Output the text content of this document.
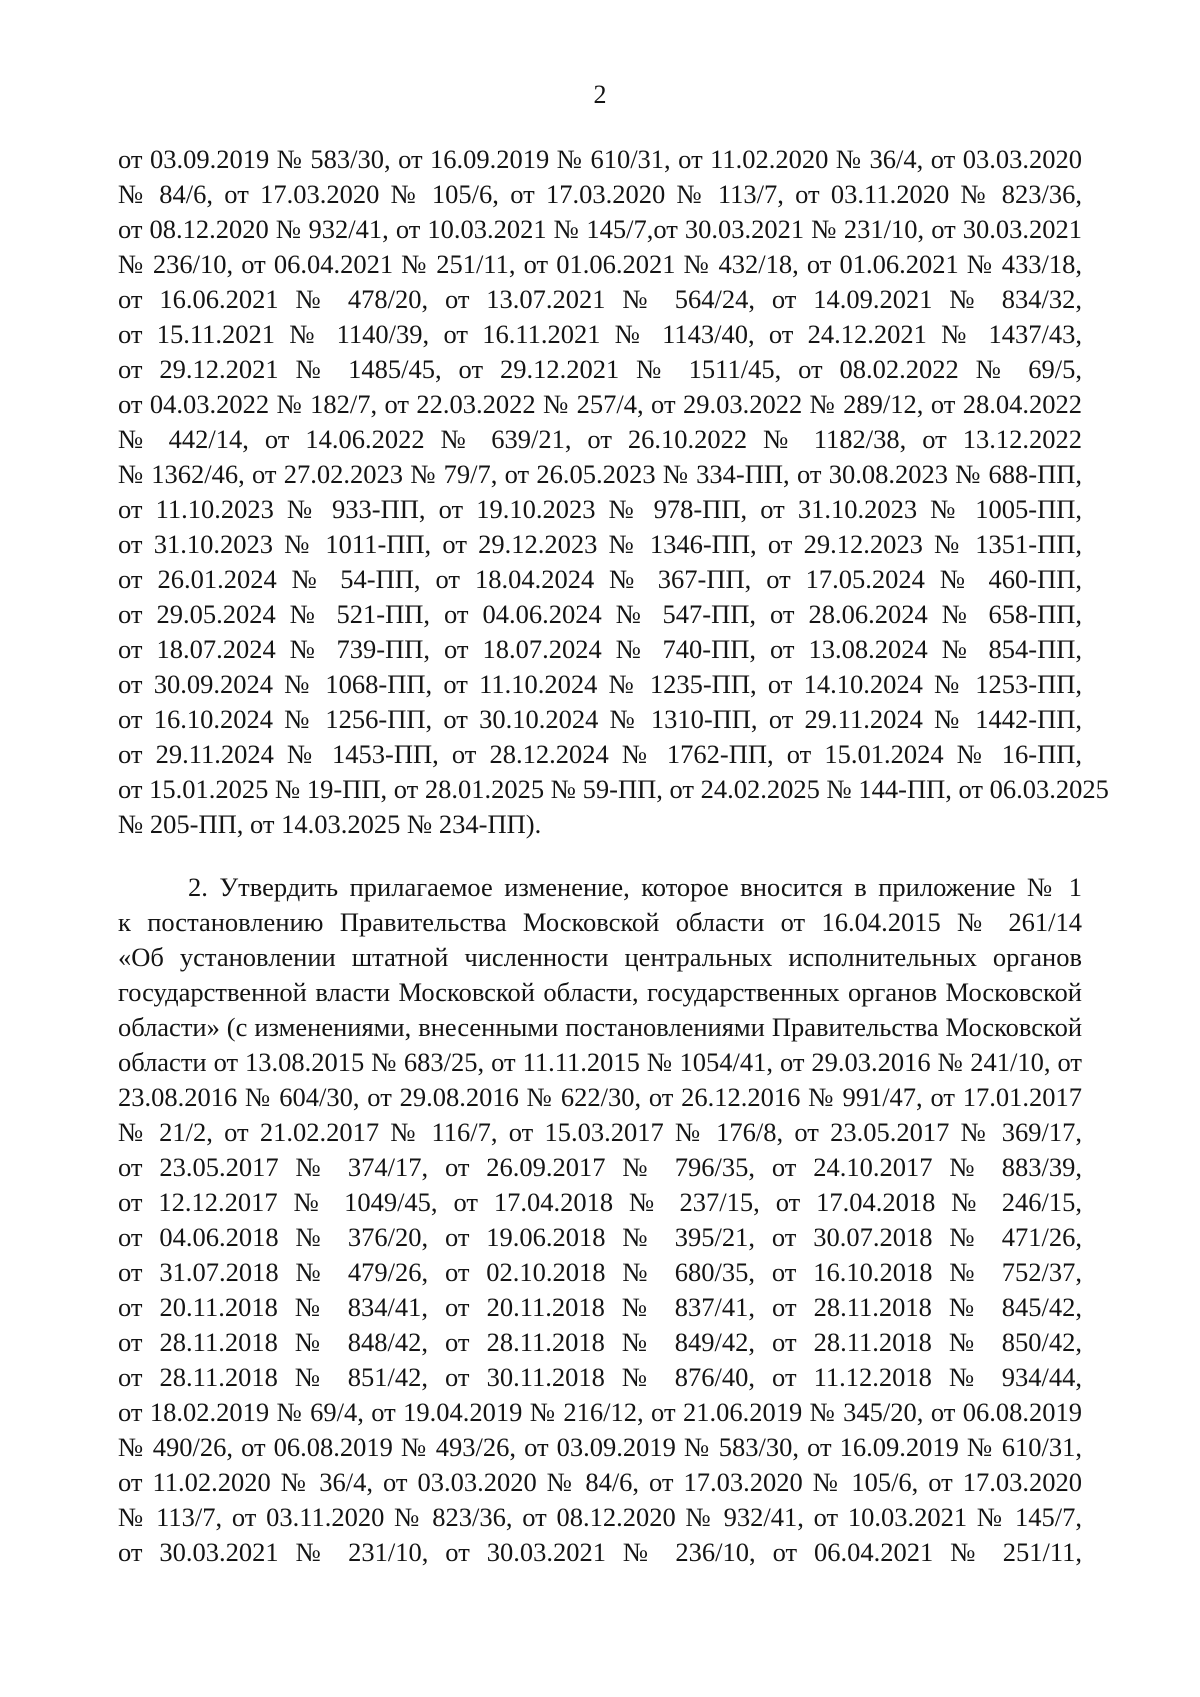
2
от 03.09.2019 № 583/30, от 16.09.2019 № 610/31, от 11.02.2020 № 36/4, от 03.03.2020
№ 84/6, от 17.03.2020 № 105/6, от 17.03.2020 № 113/7, от 03.11.2020 № 823/36,
от 08.12.2020 № 932/41, от 10.03.2021 № 145/7,от 30.03.2021 № 231/10, от 30.03.2021
№ 236/10, от 06.04.2021 № 251/11, от 01.06.2021 № 432/18, от 01.06.2021 № 433/18,
от 16.06.2021 № 478/20, от 13.07.2021 № 564/24, от 14.09.2021 № 834/32,
от 15.11.2021 № 1140/39, от 16.11.2021 № 1143/40, от 24.12.2021 № 1437/43,
от 29.12.2021 № 1485/45, от 29.12.2021 № 1511/45, от 08.02.2022 № 69/5,
от 04.03.2022 № 182/7, от 22.03.2022 № 257/4, от 29.03.2022 № 289/12, от 28.04.2022
№ 442/14, от 14.06.2022 № 639/21, от 26.10.2022 № 1182/38, от 13.12.2022
№ 1362/46, от 27.02.2023 № 79/7, от 26.05.2023 № 334-ПП, от 30.08.2023 № 688-ПП,
от 11.10.2023 № 933-ПП, от 19.10.2023 № 978-ПП, от 31.10.2023 № 1005-ПП,
от 31.10.2023 № 1011-ПП, от 29.12.2023 № 1346-ПП, от 29.12.2023 № 1351-ПП,
от 26.01.2024 № 54-ПП, от 18.04.2024 № 367-ПП, от 17.05.2024 № 460-ПП,
от 29.05.2024 № 521-ПП, от 04.06.2024 № 547-ПП, от 28.06.2024 № 658-ПП,
от 18.07.2024 № 739-ПП, от 18.07.2024 № 740-ПП, от 13.08.2024 № 854-ПП,
от 30.09.2024 № 1068-ПП, от 11.10.2024 № 1235-ПП, от 14.10.2024 № 1253-ПП,
от 16.10.2024 № 1256-ПП, от 30.10.2024 № 1310-ПП, от 29.11.2024 № 1442-ПП,
от 29.11.2024 № 1453-ПП, от 28.12.2024 № 1762-ПП, от 15.01.2024 № 16-ПП,
от 15.01.2025 № 19-ПП, от 28.01.2025 № 59-ПП, от 24.02.2025 № 144-ПП, от 06.03.2025
№ 205-ПП, от 14.03.2025 № 234-ПП).
2. Утвердить прилагаемое изменение, которое вносится в приложение № 1
к постановлению Правительства Московской области от 16.04.2015 № 261/14
«Об установлении штатной численности центральных исполнительных органов
государственной власти Московской области, государственных органов Московской
области» (с изменениями, внесенными постановлениями Правительства Московской
области от 13.08.2015 № 683/25, от 11.11.2015 № 1054/41, от 29.03.2016 № 241/10, от
23.08.2016 № 604/30, от 29.08.2016 № 622/30, от 26.12.2016 № 991/47, от 17.01.2017
№ 21/2, от 21.02.2017 № 116/7, от 15.03.2017 № 176/8, от 23.05.2017 № 369/17,
от 23.05.2017 № 374/17, от 26.09.2017 № 796/35, от 24.10.2017 № 883/39,
от 12.12.2017 № 1049/45, от 17.04.2018 № 237/15, от 17.04.2018 № 246/15,
от 04.06.2018 № 376/20, от 19.06.2018 № 395/21, от 30.07.2018 № 471/26,
от 31.07.2018 № 479/26, от 02.10.2018 № 680/35, от 16.10.2018 № 752/37,
от 20.11.2018 № 834/41, от 20.11.2018 № 837/41, от 28.11.2018 № 845/42,
от 28.11.2018 № 848/42, от 28.11.2018 № 849/42, от 28.11.2018 № 850/42,
от 28.11.2018 № 851/42, от 30.11.2018 № 876/40, от 11.12.2018 № 934/44,
от 18.02.2019 № 69/4, от 19.04.2019 № 216/12, от 21.06.2019 № 345/20, от 06.08.2019
№ 490/26, от 06.08.2019 № 493/26, от 03.09.2019 № 583/30, от 16.09.2019 № 610/31,
от 11.02.2020 № 36/4, от 03.03.2020 № 84/6, от 17.03.2020 № 105/6, от 17.03.2020
№ 113/7, от 03.11.2020 № 823/36, от 08.12.2020 № 932/41, от 10.03.2021 № 145/7,
от 30.03.2021 № 231/10, от 30.03.2021 № 236/10, от 06.04.2021 № 251/11,
